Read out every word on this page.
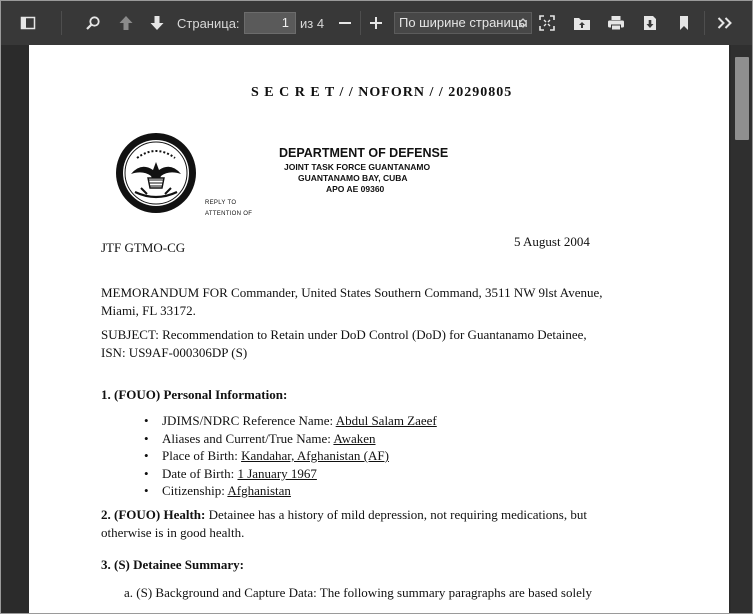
Страница:	1 из 4	По ширине страницы
S E C R E T / / NOFORN / / 20290805
DEPARTMENT OF DEFENSE
JOINT TASK FORCE GUANTANAMO
GUANTANAMO BAY, CUBA
APO AE 09360
REPLY TO
ATTENTION OF
JTF GTMO-CG	5 August 2004
MEMORANDUM FOR Commander, United States Southern Command, 3511 NW 9lst Avenue,
Miami, FL 33172.
SUBJECT: Recommendation to Retain under DoD Control (DoD) for Guantanamo Detainee,
ISN: US9AF-000306DP (S)
1. (FOUO) Personal Information:
• JDIMS/NDRC Reference Name: Abdul Salam Zaeef
• Aliases and Current/True Name: Awaken
• Place of Birth: Kandahar, Afghanistan (AF)
• Date of Birth: 1 January 1967
• Citizenship: Afghanistan
2. (FOUO) Health: Detainee has a history of mild depression, not requiring medications, but
otherwise is in good health.
3. (S) Detainee Summary:
a. (S) Background and Capture Data: The following summary paragraphs are based solely
